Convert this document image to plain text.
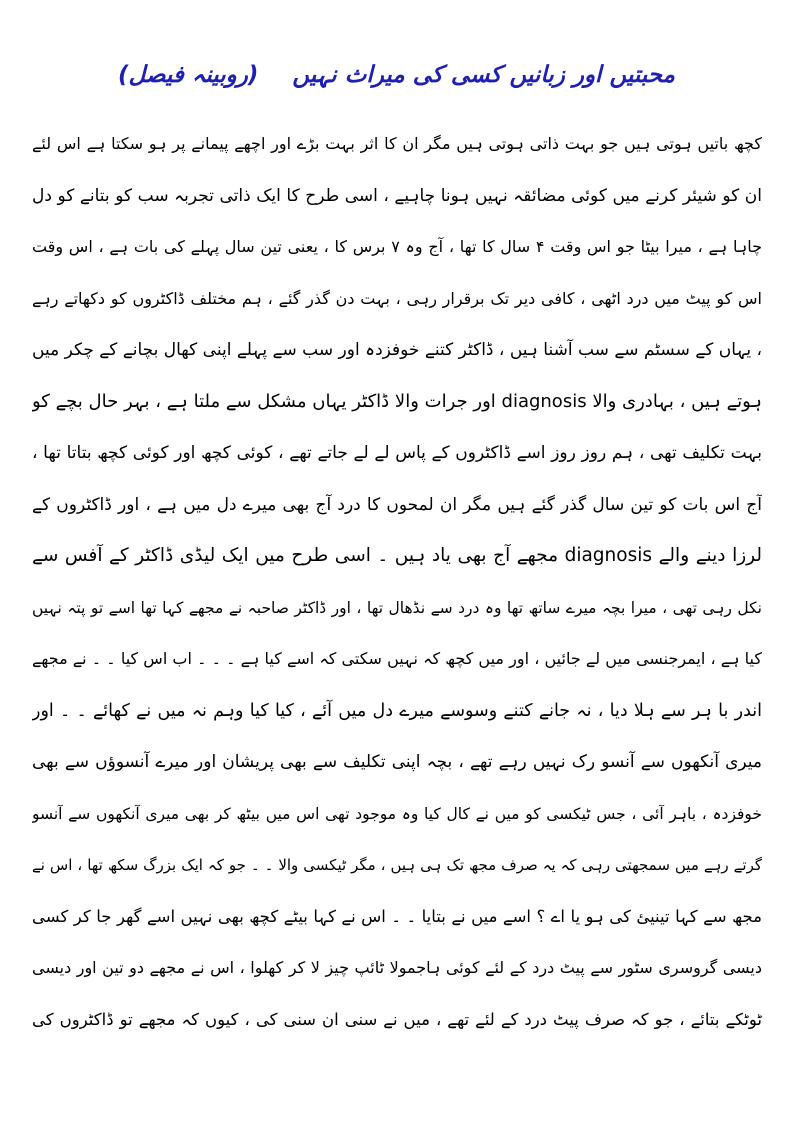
محبتیں اور زبانیں کسی کی میراث نہیں (روبینہ فیصل)
کچھ باتیں ہوتی ہیں جو بہت ذاتی ہوتی ہیں مگر ان کا اثر بہت بڑے اور اچھے پیمانے پر ہو سکتا ہے اس لئے
ان کو شیئر کرنے میں کوئی مضائقہ نہیں ہونا چاہیے ، اسی طرح کا ایک ذاتی تجربہ سب کو بتانے کو دل
چاہا ہے ، میرا بیٹا جو اس وقت ۴ سال کا تھا ، آج وہ ۷ برس کا ، یعنی تین سال پہلے کی بات ہے ، اس وقت
اس کو پیٹ میں درد اٹھی ، کافی دیر تک برقرار رہی ، بہت دن گذر گئے ، ہم مختلف ڈاکٹروں کو دکھاتے رہے
، یہاں کے سسٹم سے سب آشنا ہیں ، ڈاکٹر کتنے خوفزدہ اور سب سے پہلے اپنی کھال بچانے کے چکر میں
ہوتے ہیں ، بہادری والا diagnosis اور جرات والا ڈاکٹر یہاں مشکل سے ملتا ہے ، بہر حال بچے کو
بہت تکلیف تھی ، ہم روز روز اسے ڈاکٹروں کے پاس لے لے جاتے تھے ، کوئی کچھ اور کوئی کچھ بتاتا تھا ،
آج اس بات کو تین سال گذر گئے ہیں مگر ان لمحوں کا درد آج بھی میرے دل میں ہے ، اور ڈاکٹروں کے
لرزا دینے والے diagnosis مجھے آج بھی یاد ہیں ۔ اسی طرح میں ایک لیڈی ڈاکٹر کے آفس سے
نکل رہی تھی ، میرا بچہ میرے ساتھ تھا وہ درد سے نڈھال تھا ، اور ڈاکٹر صاحبہ نے مجھے کہا تھا اسے تو پتہ نہیں
کیا ہے ، ایمرجنسی میں لے جائیں ، اور میں کچھ کہ نہیں سکتی کہ اسے کیا ہے ۔ ۔ ۔ اب اس کیا ۔ ۔ نے مجھے
اندر با ہر سے ہلا دیا ، نہ جانے کتنے وسوسے میرے دل میں آئے ، کیا کیا وہم نہ میں نے کھائے ۔ ۔ اور
میری آنکھوں سے آنسو رک نہیں رہے تھے ، بچہ اپنی تکلیف سے بھی پریشان اور میرے آنسوؤں سے بھی
خوفزدہ ، باہر آئی ، جس ٹیکسی کو میں نے کال کیا وہ موجود تھی اس میں بیٹھ کر بھی میری آنکھوں سے آنسو
گرتے رہے میں سمجھتی رہی کہ یہ صرف مجھ تک ہی ہیں ، مگر ٹیکسی والا ۔ ۔ جو کہ ایک بزرگ سکھ تھا ، اس نے
مجھ سے کہا تینیئ کی ہو یا اے ؟ اسے میں نے بتایا ۔ ۔ اس نے کہا بیٹے کچھ بھی نہیں اسے گھر جا کر کسی
دیسی گروسری سٹور سے پیٹ درد کے لئے کوئی ہاجمولا ٹائپ چیز لا کر کھلوا ، اس نے مجھے دو تین اور دیسی
ٹوٹکے بتائے ، جو کہ صرف پیٹ درد کے لئے تھے ، میں نے سنی ان سنی کی ، کیوں کہ مجھے تو ڈاکٹروں کی
